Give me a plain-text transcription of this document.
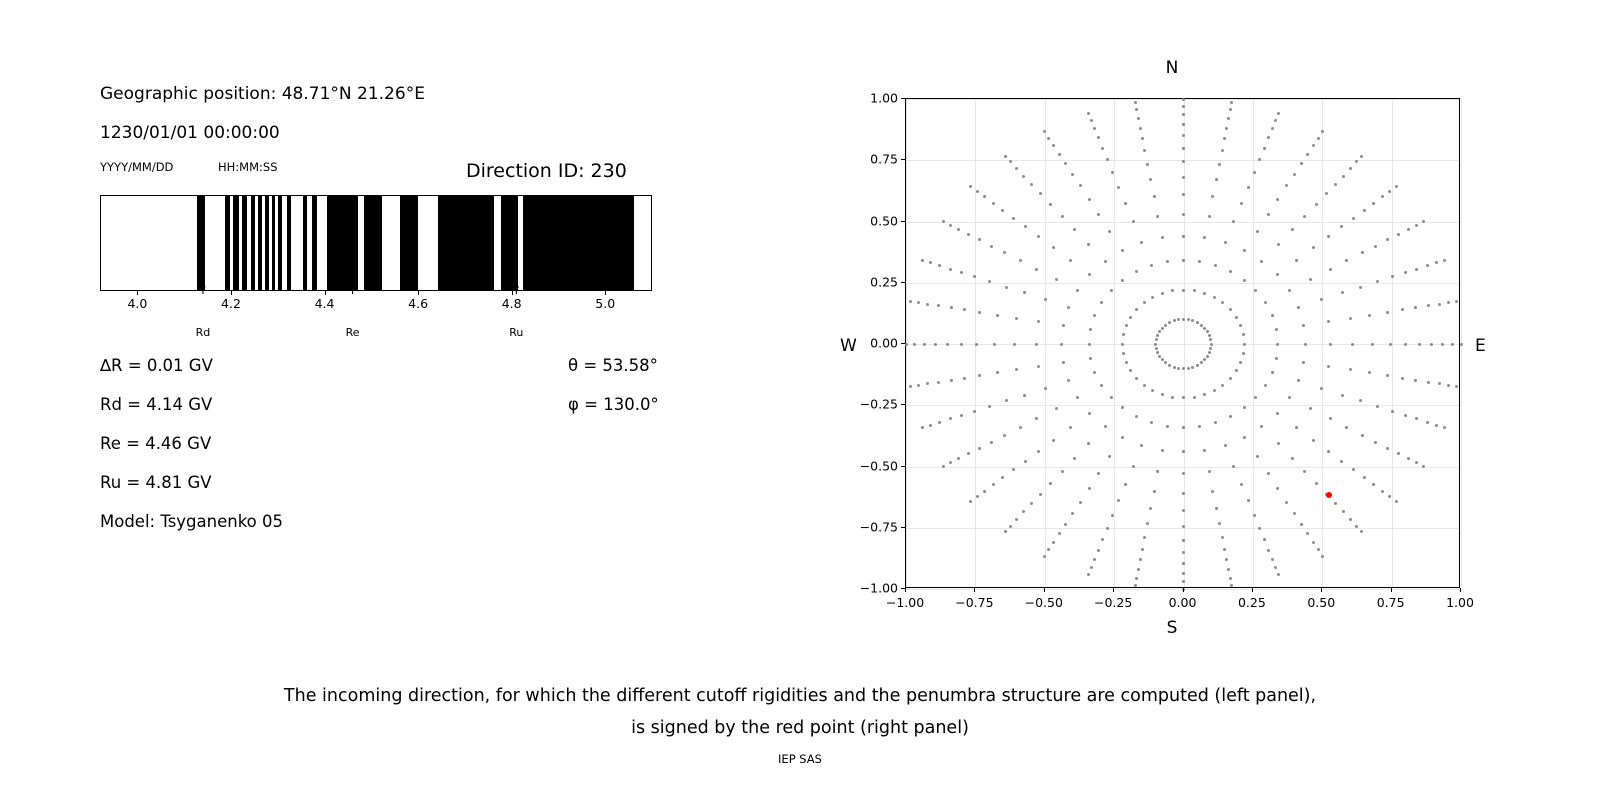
Geographic position: 48.71°N 21.26°E
1230/01/01 00:00:00
YYYY/MM/DD	HH:MM:SS	Direction ID: 230
4.0	4.2	4.4	4.6	4.8	5.0
∆R = 0.01 GV
Rd = 4.14 GV
Re = 4.46 GV
Ru = 4.81 GV
Model: Tsyganenko 05
θ = 53.58°
φ = 130.0°
↑
Rd
↑
Re
↑
Ru
N
S
W	E
−1.00 −0.75 −0.50 −0.25	0.00	0.25	0.50	0.75	1.00
−1.00
−0.75
−0.50
−0.25
0.00
0.25
0.50
0.75
1.00
The incoming direction, for which the different cutoff rigidities and the penumbra structure are computed (left panel),
is signed by the red point (right panel)
IEP SAS
